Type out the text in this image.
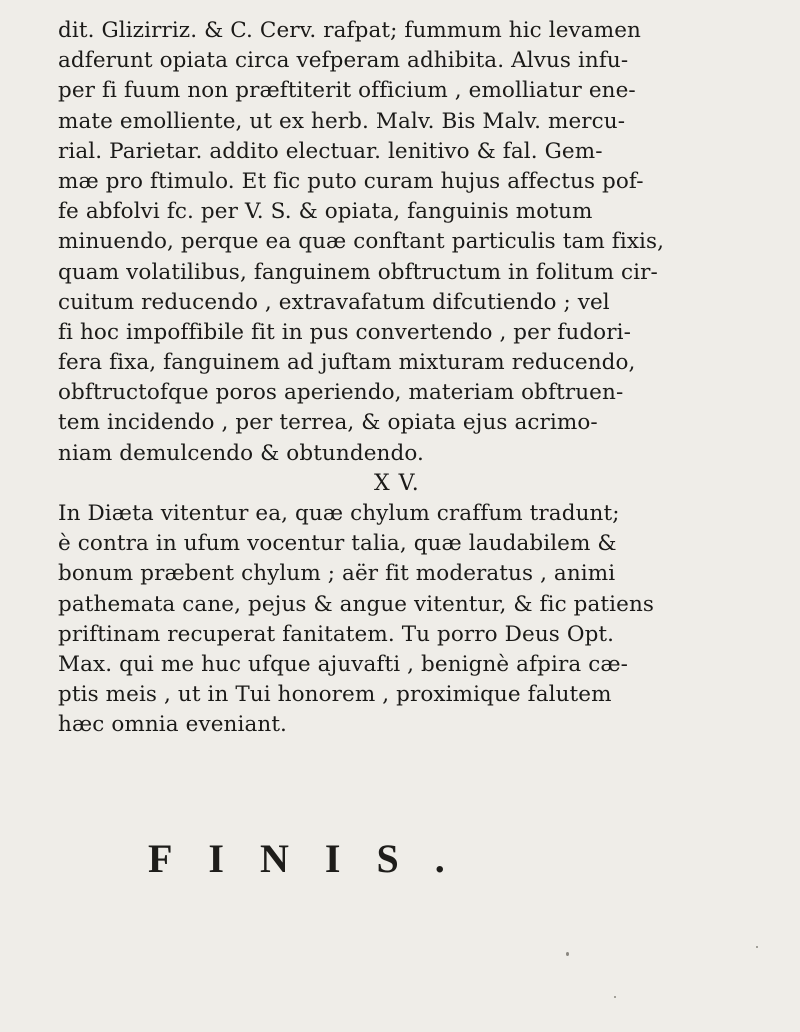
dit. Glizirriz. & C. Cerv. rafpat; fummum hic levamen
adferunt opiata circa vefperam adhibita. Alvus infu-
per fi fuum non præftiterit officium , emolliatur ene-
mate emolliente, ut ex herb. Malv. Bis Malv. mercu-
rial. Parietar. addito electuar. lenitivo & fal. Gem-
mæ pro ftimulo. Et fic puto curam hujus affectus pof-
fe abfolvi fc. per V. S. & opiata, fanguinis motum
minuendo, perque ea quæ conftant particulis tam fixis,
quam volatilibus, fanguinem obftructum in folitum cir-
cuitum reducendo , extravafatum difcutiendo ; vel
fi hoc impoffibile fit in pus convertendo , per fudori-
fera fixa, fanguinem ad juftam mixturam reducendo,
obftructofque poros aperiendo, materiam obftruen-
tem incidendo , per terrea, & opiata ejus acrimo-
niam demulcendo & obtundendo.
X V.
In Diæta vitentur ea, quæ chylum craffum tradunt;
è contra in ufum vocentur talia, quæ laudabilem &
bonum præbent chylum ; aër fit moderatus , animi
pathemata cane, pejus & angue vitentur, & fic patiens
priftinam recuperat fanitatem. Tu porro Deus Opt.
Max. qui me huc ufque ajuvafti , benignè afpira cæ-
ptis meis , ut in Tui honorem , proximique falutem
hæc omnia eveniant.
FINIS.
